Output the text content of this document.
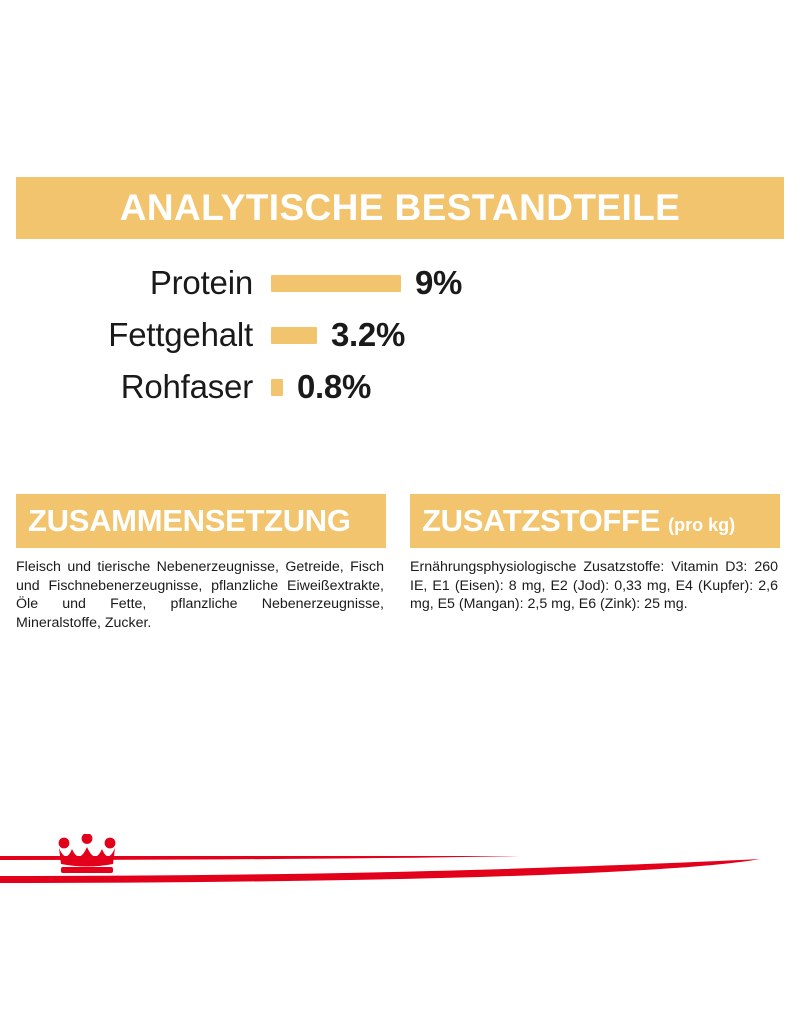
ANALYTISCHE BESTANDTEILE
Protein	9%
Fettgehalt	3.2%
Rohfaser	0.8%
ZUSAMMENSETZUNG
Fleisch und tierische Nebenerzeugnisse, Getreide, Fisch und Fischnebenerzeugnisse, pflanzliche Eiweißextrakte, Öle und Fette, pflanzliche Nebenerzeugnisse, Mineralstoffe, Zucker.
ZUSATZSTOFFE (pro kg)
Ernährungsphysiologische Zusatzstoffe: Vitamin D3: 260 IE, E1 (Eisen): 8 mg, E2 (Jod): 0,33 mg, E4 (Kupfer): 2,6 mg, E5 (Mangan): 2,5 mg, E6 (Zink): 25 mg.
